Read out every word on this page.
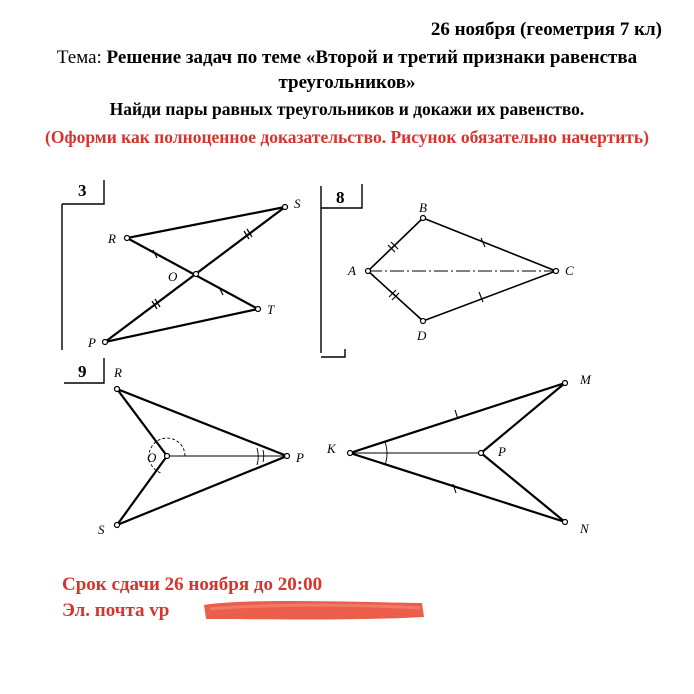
26 ноября (геометрия 7 кл)
Тема: Решение задач по теме «Второй и третий признаки равенства треугольников»
Найди пары равных треугольников и докажи их равенство.
(Оформи как полноценное доказательство. Рисунок обязательно начертить)
3
R
S
O
T
P
8
A
B
C
D
9 R
O	P
S
K	P
M
N
Срок сдачи 26 ноября до 20:00
Эл. почта vp
